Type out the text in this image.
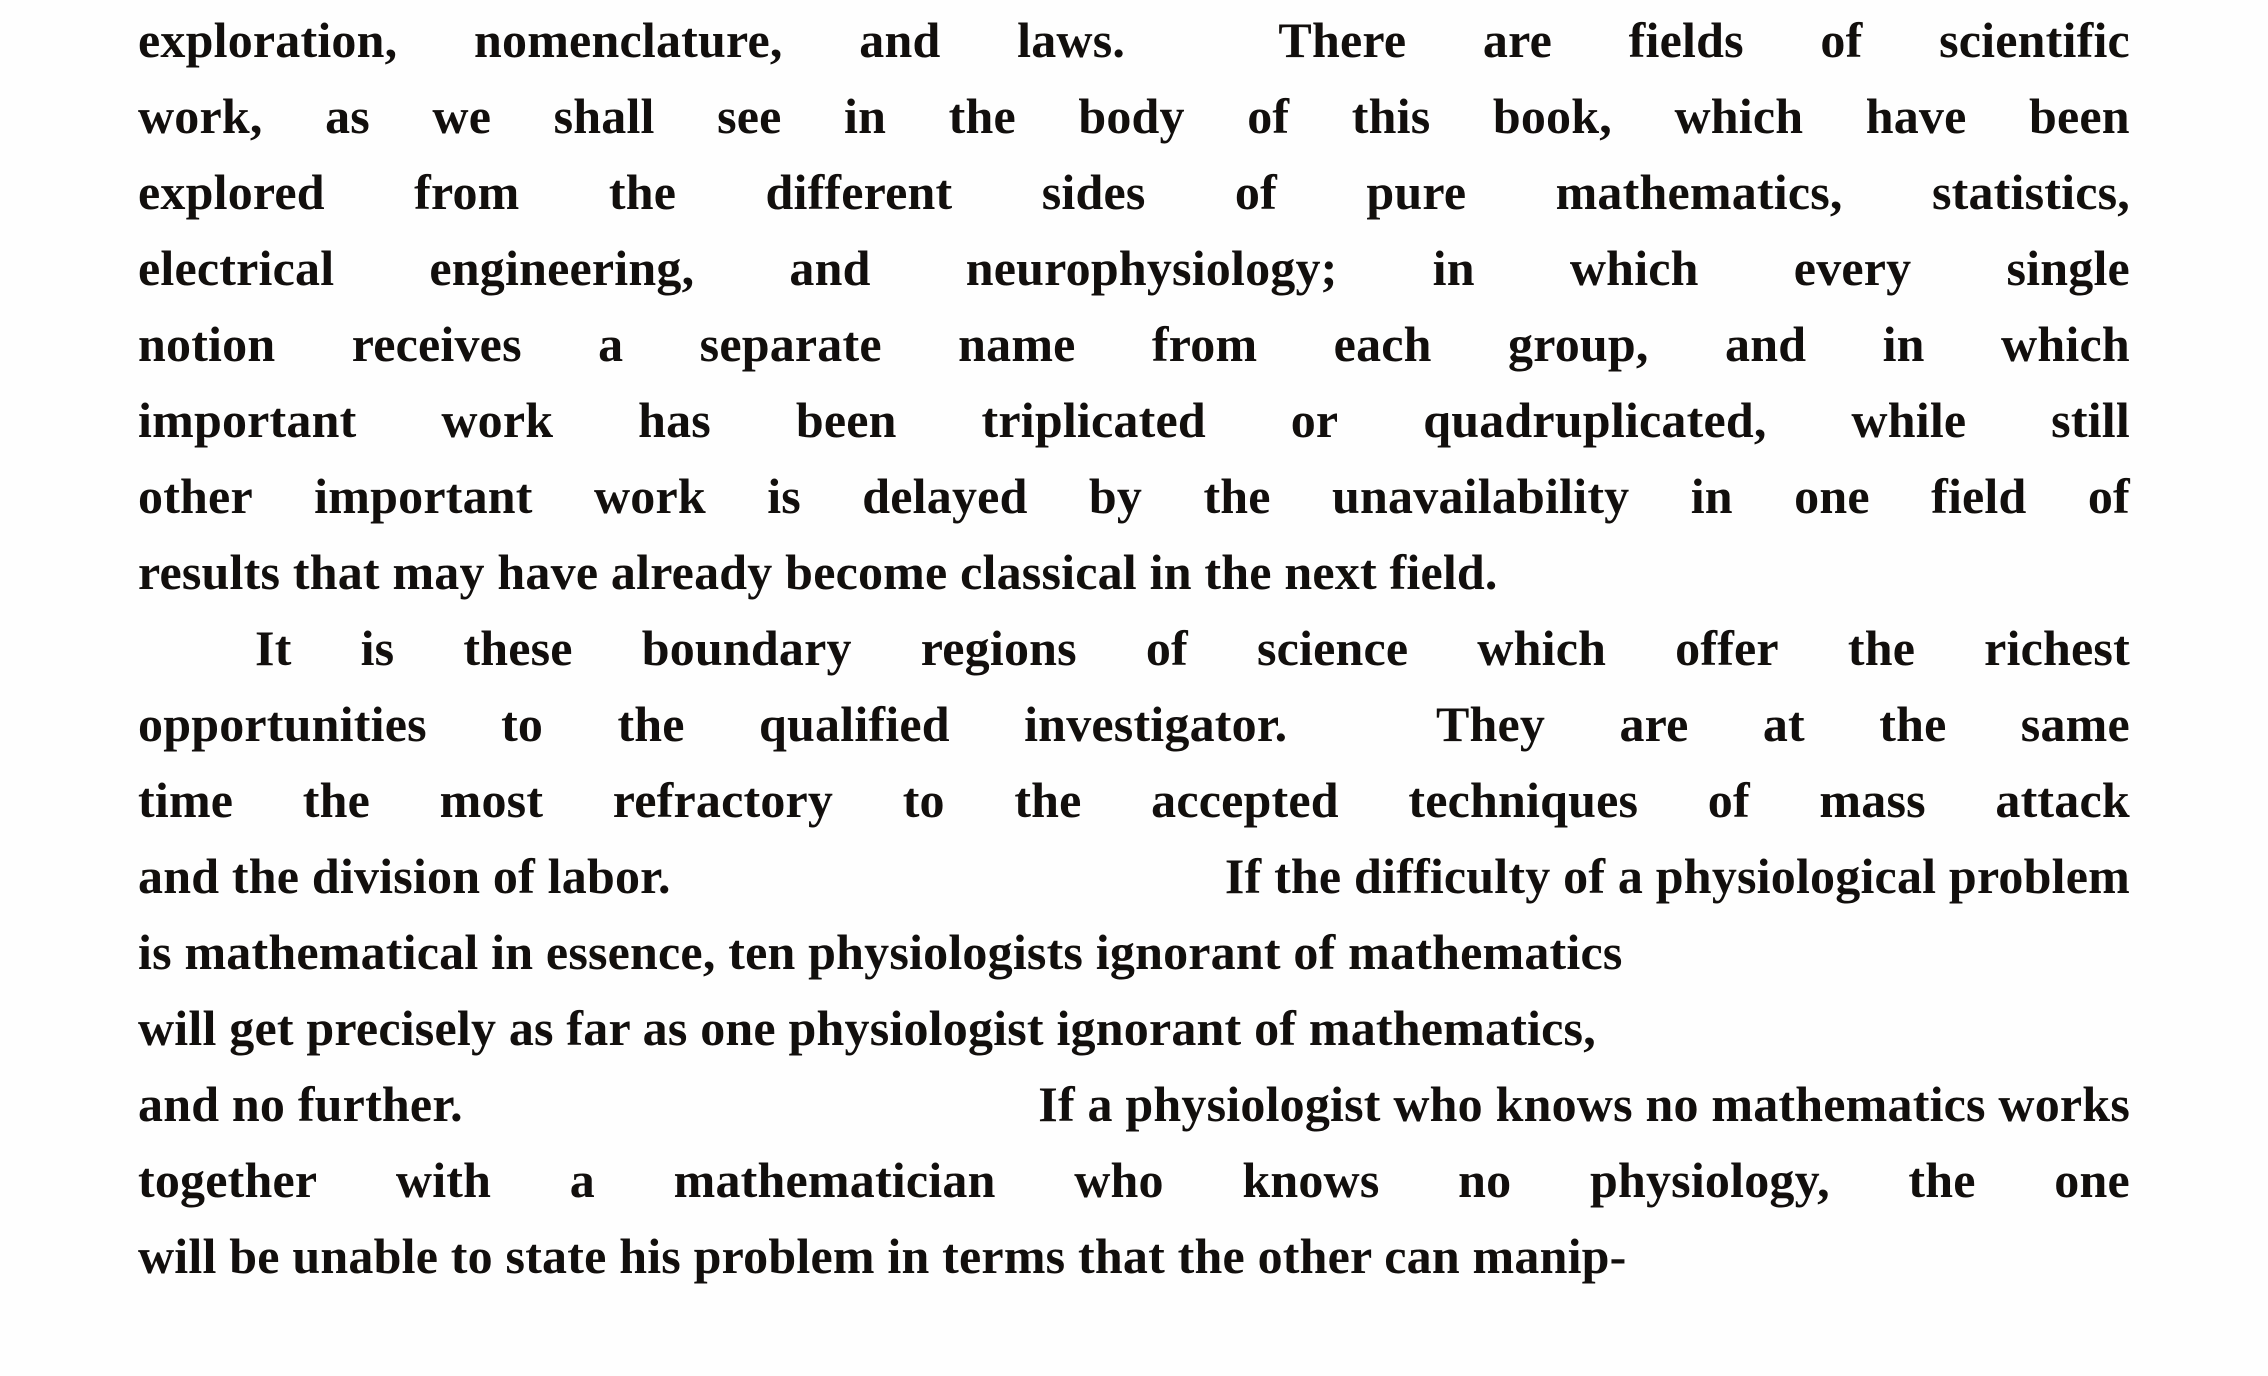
exploration, nomenclature, and laws.	There are fields of scientific
work, as we shall see in the body of this book, which have been
explored from the different sides of pure mathematics, statistics,
electrical engineering, and neurophysiology; in which every single
notion receives a separate name from each group, and in which
important work has been triplicated or quadruplicated, while still
other important work is delayed by the unavailability in one field of
results that may have already become classical in the next field.

It is these boundary regions of science which offer the richest
opportunities to the qualified investigator.	They are at the same
time the most refractory to the accepted techniques of mass attack
and the division of labor.	If the difficulty of a physiological problem
is mathematical in essence, ten physiologists ignorant of mathematics
will get precisely as far as one physiologist ignorant of mathematics,
and no further.	If a physiologist who knows no mathematics works
together with a mathematician who knows no physiology, the one
will be unable to state his problem in terms that the other can manip-
